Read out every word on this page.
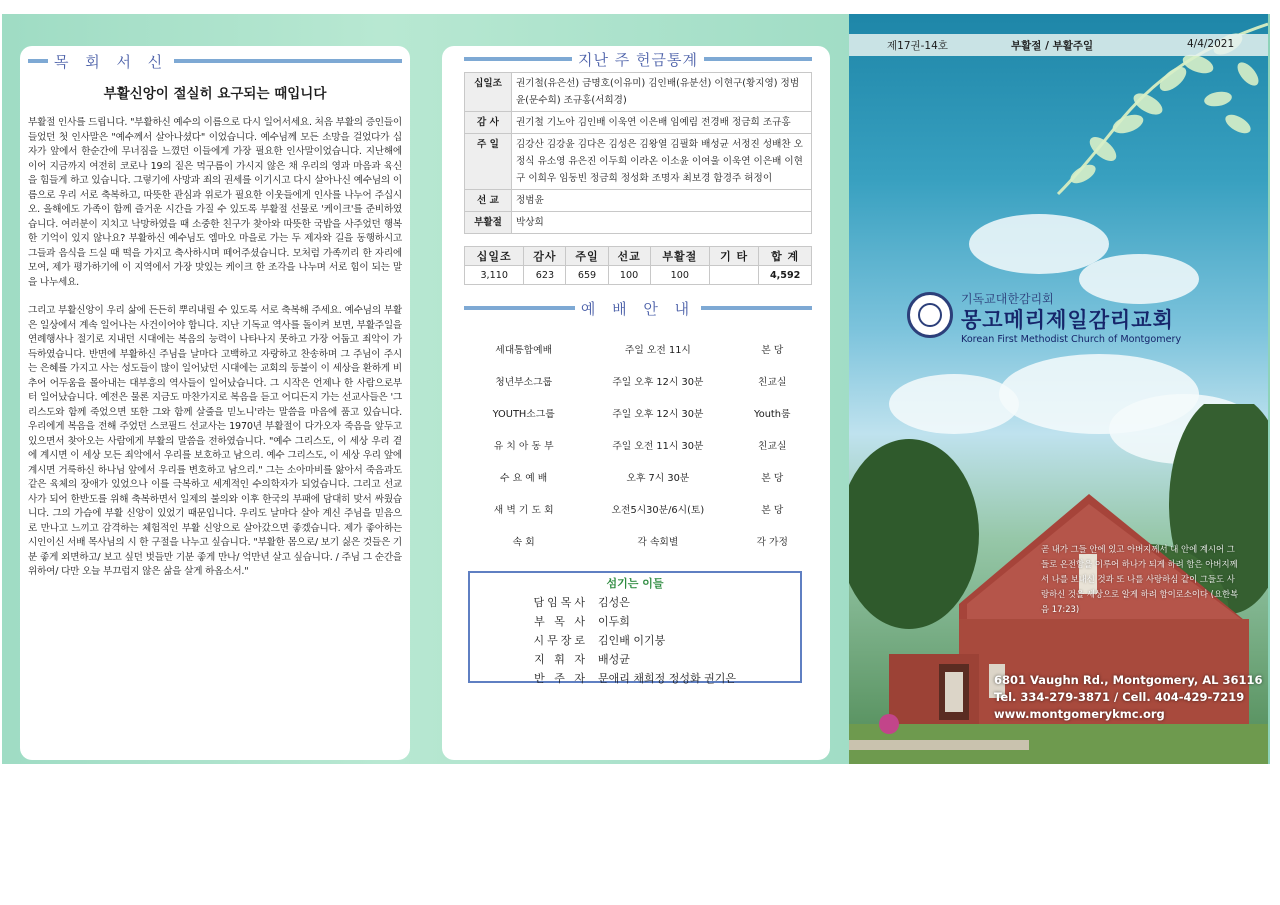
목 회 서 신
부활신앙이 절실히 요구되는 때입니다

부활절 인사를 드립니다. "부활하신 예수의 이름으로 다시 일어서세요. 처음 부활의 증인들이 들었던 첫 인사말은 "예수께서 살아나셨다" 이었습니다. 예수님께 모든 소망을 걸었다가 십자가 앞에서 한순간에 무너짐을 느꼈던 이들에게 가장 필요한 인사말이었습니다. 지난해에 이어 지금까지 여전히 코로나 19의 짙은 먹구름이 가시지 않은 채 우리의 영과 마음과 육신을 힘들게 하고 있습니다. 그렇기에 사망과 죄의 권세를 이기시고 다시 살아나신 예수님의 이름으로 우리 서로 축복하고, 따뜻한 관심과 위로가 필요한 이웃들에게 인사를 나누어 주십시오. 올해에도 가족이 함께 즐거운 시간을 가질 수 있도록 부활절 선물로 '케이크'를 준비하였습니다. 여러분이 지치고 낙망하였을 때 소중한 친구가 찾아와 따뜻한 국밥을 사주었던 행복한 기억이 있지 않나요? 부활하신 예수님도 엠마오 마을로 가는 두 제자와 길을 동행하시고 그들과 음식을 드실 때 떡을 가지고 축사하시며 떼어주셨습니다. 모처럼 가족끼리 한 자리에 모여, 제가 평가하기에 이 지역에서 가장 맛있는 케이크 한 조각을 나누며 서로 힘이 되는 말을 나누세요.

그리고 부활신앙이 우리 삶에 든든히 뿌리내릴 수 있도록 서로 축복해 주세요. 예수님의 부활은 일상에서 계속 일어나는 사건이어야 합니다. 지난 기독교 역사를 돌이켜 보면, 부활주일을 연례행사나 절기로 지내던 시대에는 복음의 능력이 나타나지 못하고 가장 어둡고 죄악이 가득하였습니다. 반면에 부활하신 주님을 날마다 고백하고 자랑하고 찬송하며 그 주님이 주시는 은혜를 가지고 사는 성도들이 많이 일어났던 시대에는 교회의 등불이 이 세상을 환하게 비추어 어두움을 몰아내는 대부흥의 역사들이 일어났습니다. 그 시작은 언제나 한 사람으로부터 일어났습니다. 예전은 물론 지금도 마찬가지로 복음을 듣고 어디든지 가는 선교사들은 '그리스도와 함께 죽었으면 또한 그와 함께 살줄을 믿노니'라는 말씀을 마음에 품고 있습니다. 우리에게 복음을 전해 주었던 스코필드 선교사는 1970년 부활절이 다가오자 죽음을 앞두고 있으면서 찾아오는 사람에게 부활의 말씀을 전하였습니다. "예수 그리스도, 이 세상 우리 곁에 계시면 이 세상 모든 죄악에서 우리를 보호하고 남으리. 예수 그리스도, 이 세상 우리 앞에 계시면 거룩하신 하나님 앞에서 우리를 변호하고 남으리." 그는 소아마비를 앓아서 죽음과도 같은 육체의 장애가 있었으나 이를 극복하고 세계적인 수의학자가 되었습니다. 그리고 선교사가 되어 한반도를 위해 축복하면서 일제의 불의와 이후 한국의 부패에 담대히 맞서 싸웠습니다. 그의 가슴에 부활 신앙이 있었기 때문입니다. 우리도 날마다 살아 계신 주님을 믿음으로 만나고 느끼고 감격하는 체험적인 부활 신앙으로 살아갔으면 좋겠습니다. 제가 좋아하는 시인이신 서배 목사님의 시 한 구절을 나누고 싶습니다. "부활한 몸으로/ 보기 싫은 것들은 기분 좋게 외면하고/ 보고 싶던 벗들만 기분 좋게 만나/ 억만년 살고 싶습니다. / 주님 그 순간을 위하여/ 다만 오늘 부끄럽지 않은 삶을 살게 하옵소서."

지난 주 헌금통계
십일조	권기철(유은선) 금명호(이유미) 김인배(유분선) 이현구(황지영) 정범윤(문수희) 조규홍(서희경)
감 사	권기철 기노아 김인배 이욱연 이은배 임예림 전경배 정금희 조규홍
주 일	김강산 김강윤 김다은 김성은 김왕열 김필화 배성균 서정진 성배찬 오정식 유소영 유은진 이두희 이라온 이소윤 이여울 이욱연 이은배 이현구 이희우 임동빈 정금희 정성화 조명자 최보경 함경주 허정이
선 교	정범윤
부활절	박상희
십일조	감사	주일	선교	부활절	기 타	합 계
3,110	623	659	100	100		4,592
예 배 안 내
세대통합예배	주일 오전 11시	본 당
청년부소그룹	주일 오후 12시 30분	친교실
YOUTH소그룹	주일 오후 12시 30분	Youth룸
유 치 아 동 부	주일 오전 11시 30분	친교실
수 요 예 배	오후 7시 30분	본 당
새 벽 기 도 회	오전5시30분/6시(토)	본 당
속 회	각 속회별	각 가정
섬기는 이들
담임목사 김성은
부 목 사 이두희
시무장로 김인배 이기붕
지 휘 자 배성균
반 주 자 문애리 채희정 정성화 권기은
제17권-14호	부활절 / 부활주일	4/4/2021
기독교대한감리회
몽고메리제일감리교회
Korean First Methodist Church of Montgomery
곧 내가 그들 안에 있고 아버지께서 내 안에 계시어 그들로 온전함을 이루어 하나가 되게 하려 함은 아버지께서 나를 보내신 것과 또 나를 사랑하심 같이 그들도 사랑하신 것을 세상으로 알게 하려 함이로소이다 (요한복음 17:23)
6801 Vaughn Rd., Montgomery, AL 36116
Tel. 334-279-3871 / Cell. 404-429-7219
www.montgomerykmc.org
